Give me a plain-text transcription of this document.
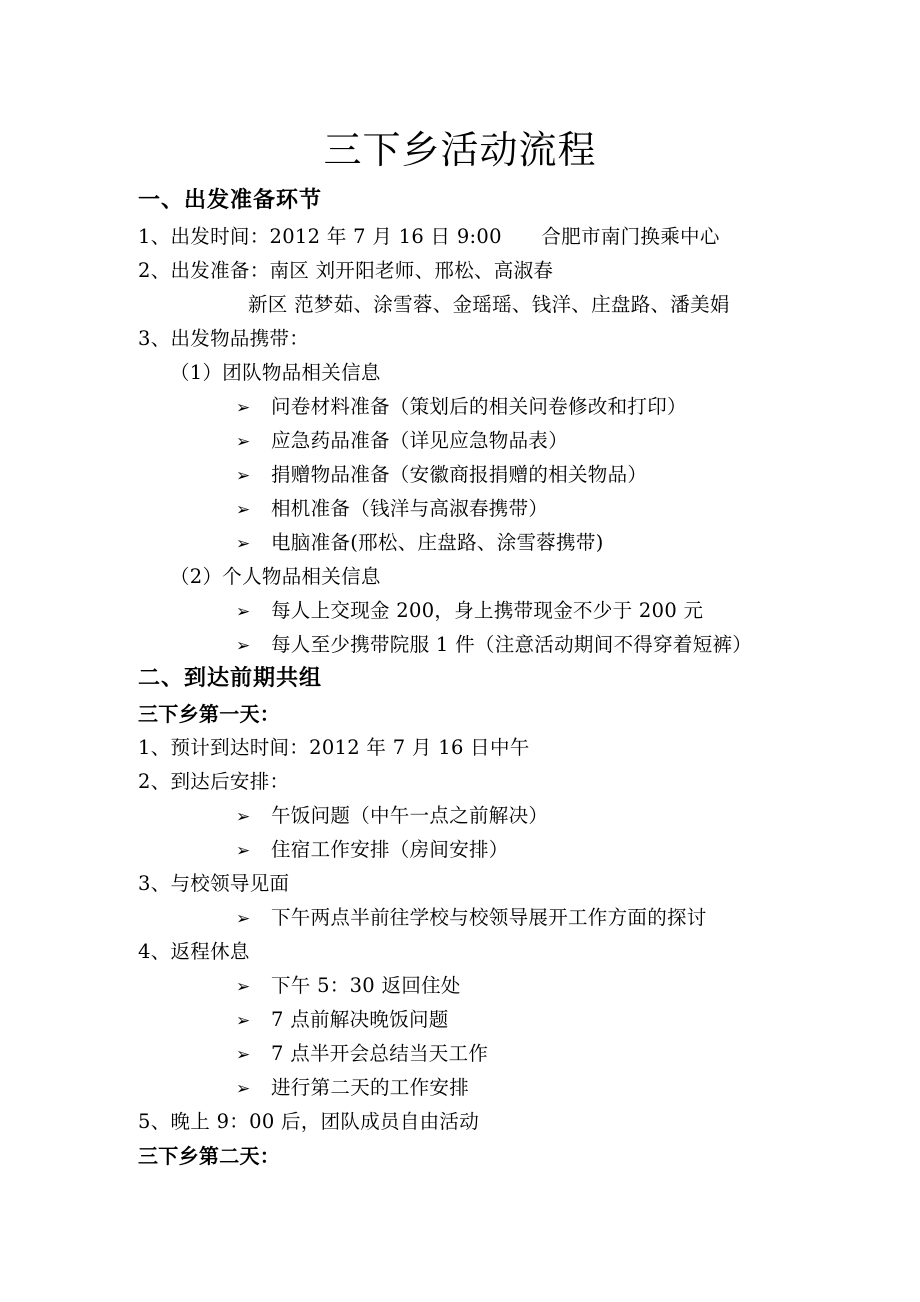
三下乡活动流程
一、出发准备环节
1、出发时间：2012 年 7 月 16 日 9:00　　合肥市南门换乘中心
2、出发准备：南区 刘开阳老师、邢松、高淑春
新区 范梦茹、涂雪蓉、金瑶瑶、钱洋、庄盘路、潘美娟
3、出发物品携带：
（1）团队物品相关信息
➢ 问卷材料准备（策划后的相关问卷修改和打印）
➢ 应急药品准备（详见应急物品表）
➢ 捐赠物品准备（安徽商报捐赠的相关物品）
➢ 相机准备（钱洋与高淑春携带）
➢ 电脑准备(邢松、庄盘路、涂雪蓉携带)
（2）个人物品相关信息
➢ 每人上交现金 200，身上携带现金不少于 200 元
➢ 每人至少携带院服 1 件（注意活动期间不得穿着短裤）
二、到达前期共组
三下乡第一天：
1、预计到达时间：2012 年 7 月 16 日中午
2、到达后安排：
➢ 午饭问题（中午一点之前解决）
➢ 住宿工作安排（房间安排）
3、与校领导见面
➢ 下午两点半前往学校与校领导展开工作方面的探讨
4、返程休息
➢ 下午 5：30 返回住处
➢ 7 点前解决晚饭问题
➢ 7 点半开会总结当天工作
➢ 进行第二天的工作安排
5、晚上 9：00 后，团队成员自由活动
三下乡第二天：
